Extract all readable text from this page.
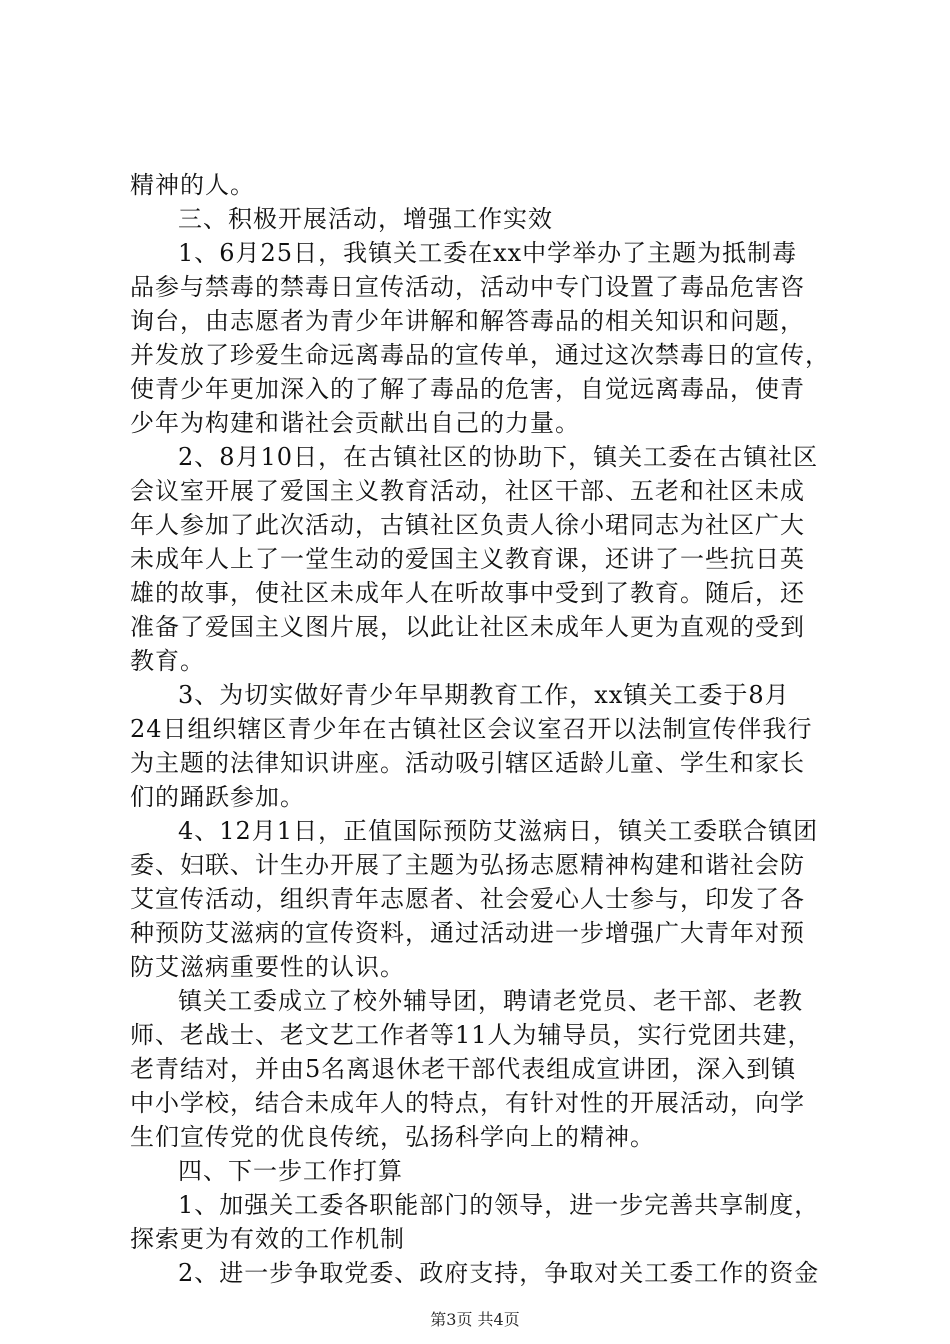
精神的人。
三、积极开展活动，增强工作实效
1、6月25日，我镇关工委在xx中学举办了主题为抵制毒
品参与禁毒的禁毒日宣传活动，活动中专门设置了毒品危害咨
询台，由志愿者为青少年讲解和解答毒品的相关知识和问题，
并发放了珍爱生命远离毒品的宣传单，通过这次禁毒日的宣传，
使青少年更加深入的了解了毒品的危害，自觉远离毒品，使青
少年为构建和谐社会贡献出自己的力量。
2、8月10日，在古镇社区的协助下，镇关工委在古镇社区
会议室开展了爱国主义教育活动，社区干部、五老和社区未成
年人参加了此次活动，古镇社区负责人徐小珺同志为社区广大
未成年人上了一堂生动的爱国主义教育课，还讲了一些抗日英
雄的故事，使社区未成年人在听故事中受到了教育。随后，还
准备了爱国主义图片展，以此让社区未成年人更为直观的受到
教育。
3、为切实做好青少年早期教育工作，xx镇关工委于8月
24日组织辖区青少年在古镇社区会议室召开以法制宣传伴我行
为主题的法律知识讲座。活动吸引辖区适龄儿童、学生和家长
们的踊跃参加。
4、12月1日，正值国际预防艾滋病日，镇关工委联合镇团
委、妇联、计生办开展了主题为弘扬志愿精神构建和谐社会防
艾宣传活动，组织青年志愿者、社会爱心人士参与，印发了各
种预防艾滋病的宣传资料，通过活动进一步增强广大青年对预
防艾滋病重要性的认识。
镇关工委成立了校外辅导团，聘请老党员、老干部、老教
师、老战士、老文艺工作者等11人为辅导员，实行党团共建，
老青结对，并由5名离退休老干部代表组成宣讲团，深入到镇
中小学校，结合未成年人的特点，有针对性的开展活动，向学
生们宣传党的优良传统，弘扬科学向上的精神。
四、下一步工作打算
1、加强关工委各职能部门的领导，进一步完善共享制度，
探索更为有效的工作机制
2、进一步争取党委、政府支持，争取对关工委工作的资金
第3页 共4页
